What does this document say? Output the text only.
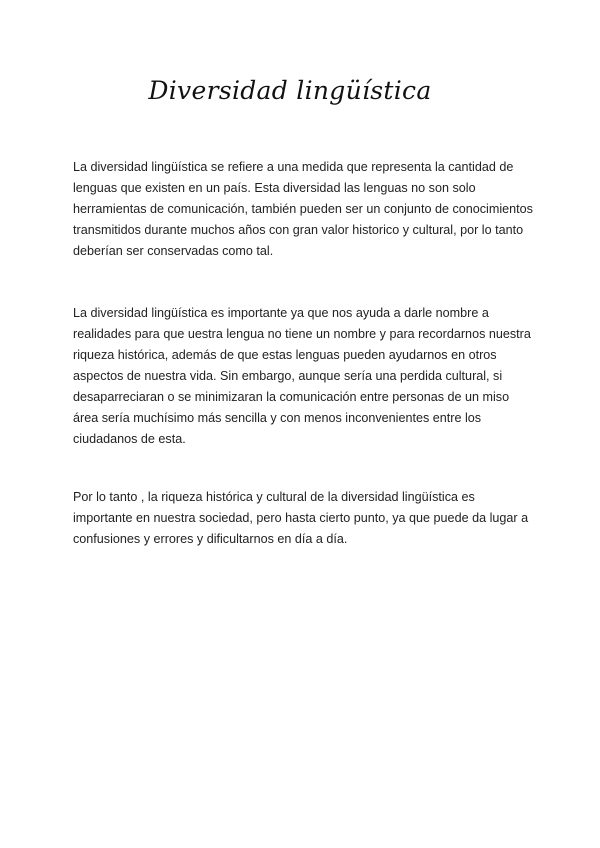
Diversidad lingüística

La diversidad lingüística se refiere a una medida que representa la cantidad de lenguas que existen en un país. Esta diversidad las lenguas no son solo herramientas de comunicación, también pueden ser un conjunto de conocimientos transmitidos durante muchos años con gran valor historico y cultural, por lo tanto deberían ser conservadas como tal.

La diversidad lingüística es importante ya que nos ayuda a darle nombre a realidades para que uestra lengua no tiene un nombre y para recordarnos nuestra riqueza histórica, además de que estas lenguas pueden ayudarnos en otros aspectos de nuestra vida. Sin embargo, aunque sería una perdida cultural, si desaparreciaran o se minimizaran la comunicación entre personas de un miso área sería muchísimo más sencilla y con menos inconvenientes entre los ciudadanos de esta.

Por lo tanto , la riqueza histórica y cultural de la diversidad lingüística es importante en nuestra sociedad, pero hasta cierto punto, ya que puede da lugar a confusiones y errores y dificultarnos en día a día.
